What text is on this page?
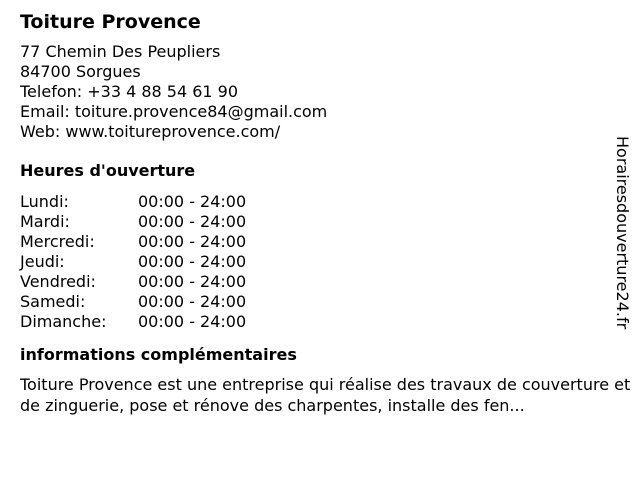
Toiture Provence
77 Chemin Des Peupliers
84700 Sorgues
Telefon: +33 4 88 54 61 90
Email: toiture.provence84@gmail.com
Web: www.toitureprovence.com/
Heures d'ouverture
Lundi:	00:00 - 24:00
Mardi:	00:00 - 24:00
Mercredi:	00:00 - 24:00
Jeudi:	00:00 - 24:00
Vendredi:	00:00 - 24:00
Samedi:	00:00 - 24:00
Dimanche:	00:00 - 24:00
informations complémentaires
Toiture Provence est une entreprise qui réalise des travaux de couverture et de zinguerie, pose et rénove des charpentes, installe des fen...
Horairesdouverture24.fr
